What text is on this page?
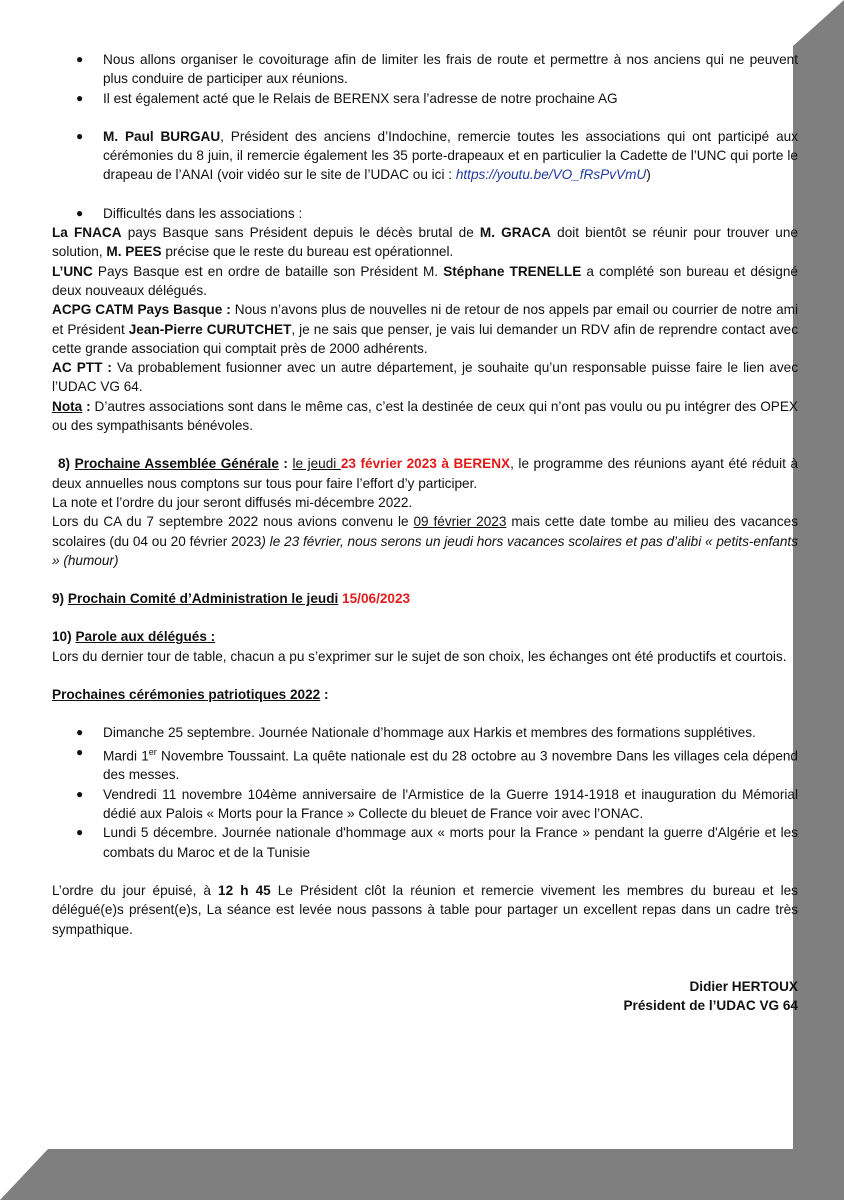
●	Nous allons organiser le covoiturage afin de limiter les frais de route et permettre à nos anciens qui ne peuvent plus conduire de participer aux réunions.
●	Il est également acté que le Relais de BERENX sera l’adresse de notre prochaine AG
●	M. Paul BURGAU, Président des anciens d’Indochine, remercie toutes les associations qui ont participé aux cérémonies du 8 juin, il remercie également les 35 porte-drapeaux et en particulier la Cadette de l’UNC qui porte le drapeau de l’ANAI (voir vidéo sur le site de l’UDAC ou ici : https://youtu.be/VO_fRsPvVmU)
●	Difficultés dans les associations :

La FNACA pays Basque sans Président depuis le décès brutal de M. GRACA doit bientôt se réunir pour trouver une solution, M. PEES précise que le reste du bureau est opérationnel.

L’UNC Pays Basque est en ordre de bataille son Président M. Stéphane TRENELLE a complété son bureau et désigné deux nouveaux délégués.

ACPG CATM Pays Basque : Nous n’avons plus de nouvelles ni de retour de nos appels par email ou courrier de notre ami et Président Jean-Pierre CURUTCHET, je ne sais que penser, je vais lui demander un RDV afin de reprendre contact avec cette grande association qui comptait près de 2000 adhérents.

AC PTT : Va probablement fusionner avec un autre département, je souhaite qu’un responsable puisse faire le lien avec l’UDAC VG 64.

Nota : D’autres associations sont dans le même cas, c’est la destinée de ceux qui n’ont pas voulu ou pu intégrer des OPEX ou des sympathisants bénévoles.

8) Prochaine Assemblée Générale : le jeudi 23 février 2023 à BERENX, le programme des réunions ayant été réduit à deux annuelles nous comptons sur tous pour faire l’effort d’y participer.

La note et l’ordre du jour seront diffusés mi-décembre 2022.

Lors du CA du 7 septembre 2022 nous avions convenu le 09 février 2023 mais cette date tombe au milieu des vacances scolaires (du 04 ou 20 février 2023) le 23 février, nous serons un jeudi hors vacances scolaires et pas d’alibi « petits-enfants » (humour)

9) Prochain Comité d’Administration le jeudi 15/06/2023

10) Parole aux délégués :

Lors du dernier tour de table, chacun a pu s’exprimer sur le sujet de son choix, les échanges ont été productifs et courtois.

Prochaines cérémonies patriotiques 2022 :

●	Dimanche 25 septembre. Journée Nationale d’hommage aux Harkis et membres des formations supplétives.
●	Mardi 1er Novembre Toussaint. La quête nationale est du 28 octobre au 3 novembre Dans les villages cela dépend des messes.
●	Vendredi 11 novembre 104ème anniversaire de l'Armistice de la Guerre 1914-1918 et inauguration du Mémorial dédié aux Palois « Morts pour la France » Collecte du bleuet de France voir avec l’ONAC.
●	Lundi 5 décembre. Journée nationale d'hommage aux « morts pour la France » pendant la guerre d'Algérie et les combats du Maroc et de la Tunisie

L’ordre du jour épuisé, à 12 h 45 Le Président clôt la réunion et remercie vivement les membres du bureau et les délégué(e)s présent(e)s, La séance est levée nous passons à table pour partager un excellent repas dans un cadre très sympathique.

Didier HERTOUX

Président de l’UDAC VG 64
